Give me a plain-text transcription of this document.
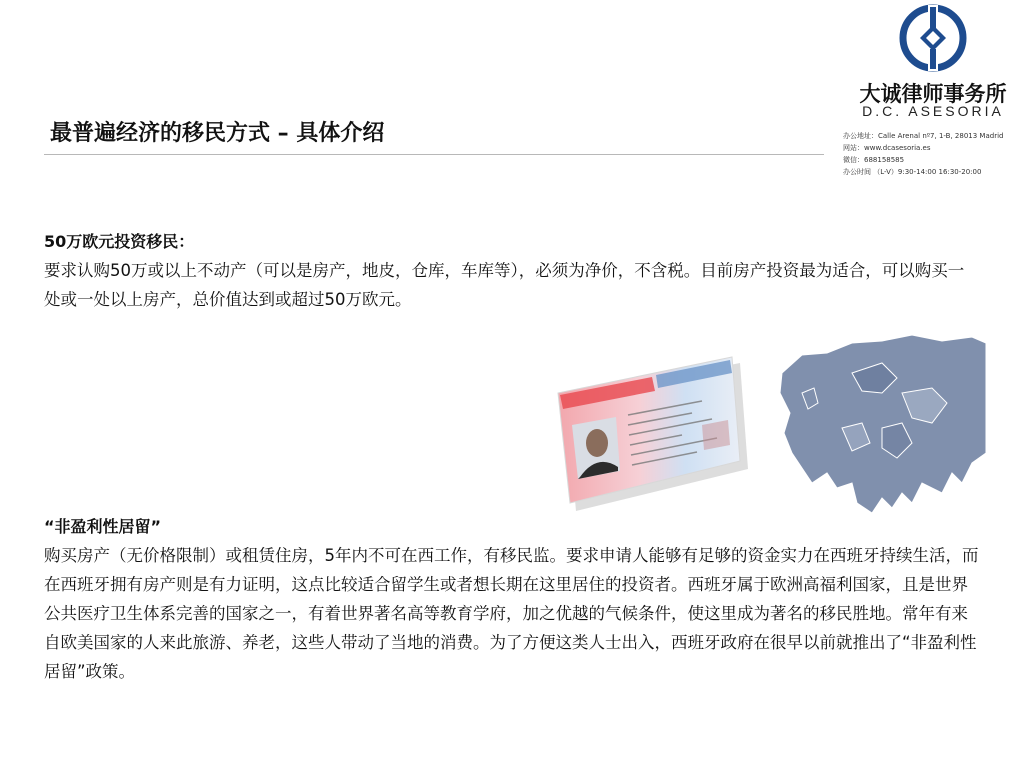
大诚律师事务所
D.C. ASESORIA
办公地址：Calle Arenal nº7, 1-B, 28013 Madrid
网站：www.dcasesoria.es
微信：688158585
办公时间 （L-V）9:30-14:00 16:30-20:00
最普遍经济的移民方式 – 具体介绍
50万欧元投资移民：
要求认购50万或以上不动产（可以是房产，地皮，仓库，车库等），必须为净价，不含税。目前房产投资最为适合，可以购买一处或一处以上房产，总价值达到或超过50万欧元。
“非盈利性居留”
购买房产（无价格限制）或租赁住房，5年内不可在西工作，有移民监。要求申请人能够有足够的资金实力在西班牙持续生活，而在西班牙拥有房产则是有力证明，这点比较适合留学生或者想长期在这里居住的投资者。西班牙属于欧洲高福利国家，且是世界公共医疗卫生体系完善的国家之一，有着世界著名高等教育学府，加之优越的气候条件，使这里成为著名的移民胜地。常年有来自欧美国家的人来此旅游、养老，这些人带动了当地的消费。为了方便这类人士出入，西班牙政府在很早以前就推出了“非盈利性居留”政策。
